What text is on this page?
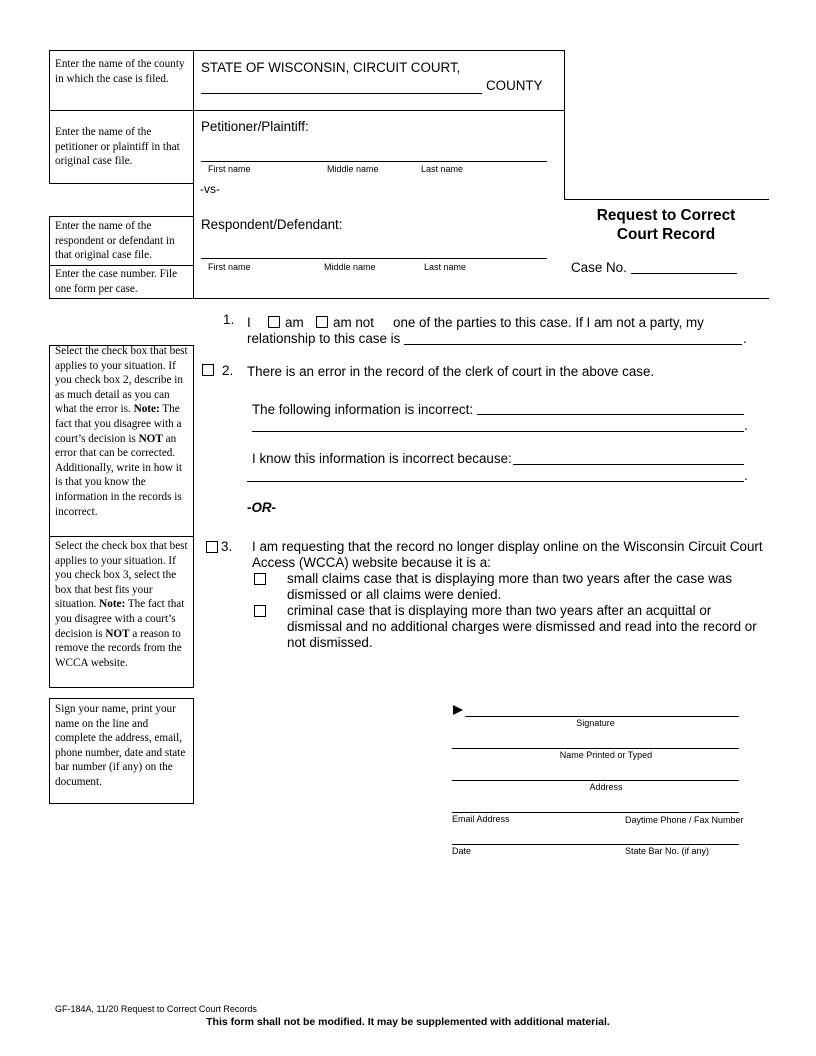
Enter the name of the county in which the case is filed.
Enter the name of the petitioner or plaintiff in that original case file.
Enter the name of the respondent or defendant in that original case file.
Enter the case number. File one form per case.
Select the check box that best applies to your situation. If you check box 2, describe in as much detail as you can what the error is. Note: The fact that you disagree with a court’s decision is NOT an error that can be corrected. Additionally, write in how it is that you know the information in the records is incorrect.
Select the check box that best applies to your situation. If you check box 3, select the box that best fits your situation. Note: The fact that you disagree with a court’s decision is NOT a reason to remove the records from the WCCA website.
Sign your name, print your name on the line and complete the address, email, phone number, date and state bar number (if any) on the document.
STATE OF WISCONSIN, CIRCUIT COURT,
COUNTY
Petitioner/Plaintiff:
First name	Middle name	Last name
-vs-
Respondent/Defendant:
First name	Middle name	Last name
Request to Correct
Court Record
Case No.
1. I	am am not one of the parties to this case. If I am not a party, my
relationship to this case is	.
2. There is an error in the record of the clerk of court in the above case.
The following information is incorrect:
.
I know this information is incorrect because:
.
-OR-
3. I am requesting that the record no longer display online on the Wisconsin Circuit Court
Access (WCCA) website because it is a:
small claims case that is displaying more than two years after the case was
dismissed or all claims were denied.
criminal case that is displaying more than two years after an acquittal or
dismissal and no additional charges were dismissed and read into the record or
not dismissed.
Signature
Name Printed or Typed
Address
Email Address	Daytime Phone / Fax Number
Date	State Bar No. (if any)
GF-184A, 11/20 Request to Correct Court Records
This form shall not be modified. It may be supplemented with additional material.
